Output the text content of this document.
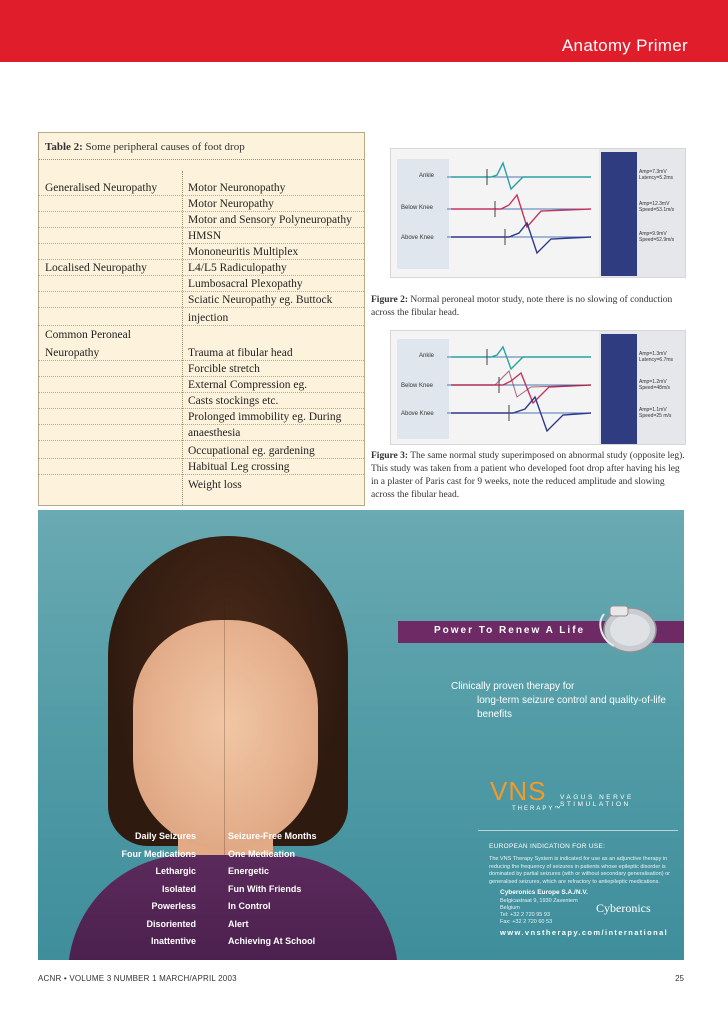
Anatomy Primer
Table 2: Some peripheral causes of foot drop
Generalised Neuropathy	Motor Neuronopathy
Motor Neuropathy
Motor and Sensory Polyneuropathy
HMSN
Mononeuritis Multiplex
Localised Neuropathy	L4/L5 Radiculopathy
Lumbosacral Plexopathy
Sciatic Neuropathy eg. Buttock
injection
Common Peroneal
Neuropathy	Trauma at fibular head
Forcible stretch
External Compression eg.
Casts stockings etc.
Prolonged immobility eg. During
anaesthesia
Occupational eg. gardening
Habitual Leg crossing
Weight loss
Ankle
Below Knee
Above Knee
Amp=7.3mV Latency=5.2ms
Amp=12.3mV Speed=53.1m/s
Amp=9.9mV Speed=52.9m/s
Figure 2: Normal peroneal motor study, note there is no slowing of conduction across the fibular head.
Ankle
Below Knee
Above Knee
Amp=1.3mV Latency=6.7ms
Amp=1.2mV Speed=48m/s
Amp=1.1mV Speed=25 m/s
Figure 3: The same normal study superimposed on abnormal study (opposite leg). This study was taken from a patient who developed foot drop after having his leg in a plaster of Paris cast for 9 weeks, note the reduced amplitude and slowing across the fibular head.
Daily Seizures
Four Medications
Lethargic
Isolated
Powerless
Disoriented
Inattentive
Seizure-Free Months
One Medication
Energetic
Fun With Friends
In Control
Alert
Achieving At School
Power To Renew A Life
Clinically proven therapy for
long-term seizure control and quality-of-life benefits
VNS
THERAPY™
VAGUS NERVE STIMULATION
EUROPEAN INDICATION FOR USE:
The VNS Therapy System is indicated for use as an adjunctive therapy in reducing the frequency of seizures in patients whose epileptic disorder is dominated by partial seizures (with or without secondary generalisation) or generalised seizures, which are refractory to antiepileptic medications.
Cyberonics Europe S.A./N.V.
Belgicastraat 9, 1930 Zaventem
Belgium
Tel: +32 2 720 95 93
Fax: +32 2 720 60 53
Cyberonics
www.vnstherapy.com/international
ACNR • VOLUME 3 NUMBER 1 MARCH/APRIL 2003	25
